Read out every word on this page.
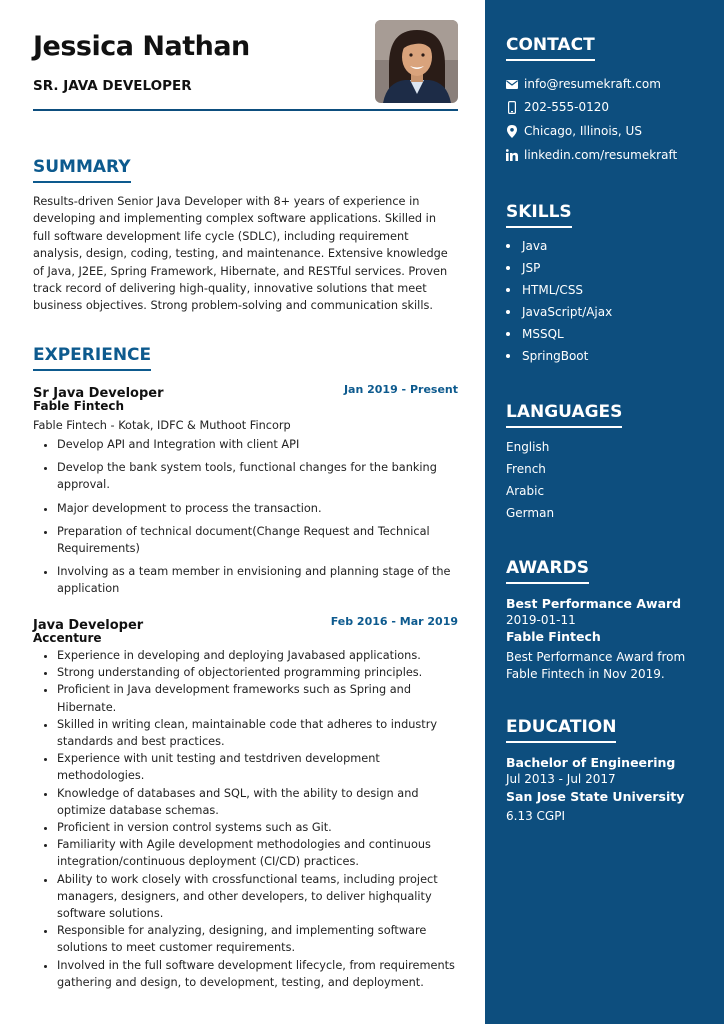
Jessica Nathan
SR. JAVA DEVELOPER
SUMMARY
Results-driven Senior Java Developer with 8+ years of experience in developing and implementing complex software applications. Skilled in full software development life cycle (SDLC), including requirement analysis, design, coding, testing, and maintenance. Extensive knowledge of Java, J2EE, Spring Framework, Hibernate, and RESTful services. Proven track record of delivering high-quality, innovative solutions that meet business objectives. Strong problem-solving and communication skills.
EXPERIENCE
Sr Java Developer	Jan 2019 - Present
Fable Fintech
Fable Fintech - Kotak, IDFC & Muthoot Fincorp
• Develop API and Integration with client API
• Develop the bank system tools, functional changes for the banking approval.
• Major development to process the transaction.
• Preparation of technical document(Change Request and Technical Requirements)
• Involving as a team member in envisioning and planning stage of the application
Java Developer	Feb 2016 - Mar 2019
Accenture
• Experience in developing and deploying Javabased applications.
• Strong understanding of objectoriented programming principles.
• Proficient in Java development frameworks such as Spring and Hibernate.
• Skilled in writing clean, maintainable code that adheres to industry standards and best practices.
• Experience with unit testing and testdriven development methodologies.
• Knowledge of databases and SQL, with the ability to design and optimize database schemas.
• Proficient in version control systems such as Git.
• Familiarity with Agile development methodologies and continuous integration/continuous deployment (CI/CD) practices.
• Ability to work closely with crossfunctional teams, including project managers, designers, and other developers, to deliver highquality software solutions.
• Responsible for analyzing, designing, and implementing software solutions to meet customer requirements.
• Involved in the full software development lifecycle, from requirements gathering and design, to development, testing, and deployment.
CONTACT
info@resumekraft.com
202-555-0120
Chicago, Illinois, US
linkedin.com/resumekraft
SKILLS
Java
JSP
HTML/CSS
JavaScript/Ajax
MSSQL
SpringBoot
LANGUAGES
English
French
Arabic
German
AWARDS
Best Performance Award
2019-01-11
Fable Fintech
Best Performance Award from Fable Fintech in Nov 2019.
EDUCATION
Bachelor of Engineering
Jul 2013 - Jul 2017
San Jose State University
6.13 CGPI
